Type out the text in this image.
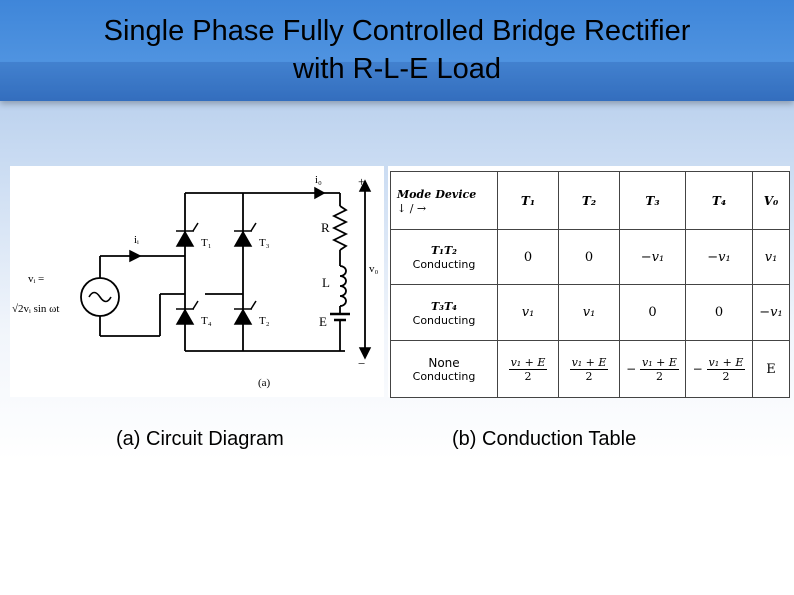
Single Phase Fully Controlled Bridge Rectifier
with R-L-E Load
i₀
iᵢ	T₁	T₃
T₄	T₂
R
L
E
v₀
+
−
vᵢ =
√2vᵢ sin ωt
(a)
Mode Device
↓ / →	T₁	T₂	T₃	T₄	V₀
T₁T₂
Conducting	0	0	−v₁	−v₁	v₁
T₃T₄
Conducting	v₁	v₁	0	0	−v₁

None
Conducting	$\frac{\text{v₁ + E}}{2}$	$\frac{\text{v₁ + E}}{2}$	− $\frac{\text{v₁ + E}}{2}$	− $\frac{\text{v₁ + E}}{2}$	E
(a) Circuit Diagram	(b) Conduction Table
